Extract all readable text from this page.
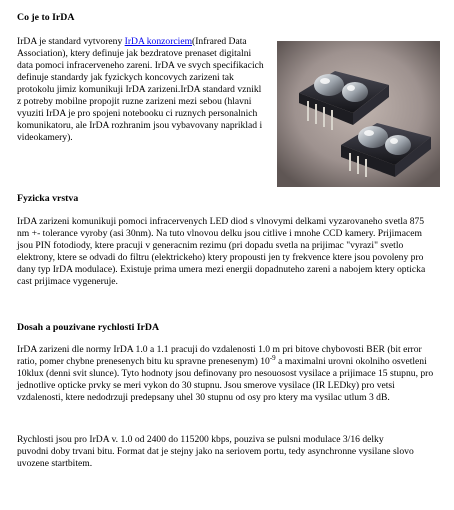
Co je to IrDA

IrDA je standard vytvoreny IrDA konzorciem(Infrared Data Association), ktery definuje jak bezdratove prenaset digitalni data pomoci infracerveneho zareni. IrDA ve svych specifikacich definuje standardy jak fyzickych koncovych zarizeni tak protokolu jimiz komunikuji IrDA zarizeni.IrDA standard vznikl z potreby mobilne propojit ruzne zarizeni mezi sebou (hlavni vyuziti IrDA je pro spojeni notebooku ci ruznych personalnich komunikatoru, ale IrDA rozhranim jsou vybavovany napriklad i videokamery).

Fyzicka vrstva

IrDA zarizeni komunikuji pomoci infracervenych LED diod s vlnovymi delkami vyzarovaneho svetla 875 nm +- tolerance vyroby (asi 30nm). Na tuto vlnovou delku jsou citlive i mnohe CCD kamery. Prijimacem jsou PIN fotodiody, ktere pracuji v generacnim rezimu (pri dopadu svetla na prijimac "vyrazi" svetlo elektrony, ktere se odvadi do filtru (elektrickeho) ktery propousti jen ty frekvence ktere jsou povoleny pro dany typ IrDA modulace). Existuje prima umera mezi energii dopadnuteho zareni a nabojem ktery opticka cast prijimace vygeneruje.

Dosah a pouzivane rychlosti IrDA

IrDA zarizeni dle normy IrDA 1.0 a 1.1 pracuji do vzdalenosti 1.0 m pri bitove chybovosti BER (bit error ratio, pomer chybne prenesenych bitu ku spravne prenesenym) $10^{-9}$ a maximalni urovni okolniho osvetleni 10klux (denni svit slunce). Tyto hodnoty jsou definovany pro nesouosost vysilace a prijimace 15 stupnu, pro jednotlive opticke prvky se meri vykon do 30 stupnu. Jsou smerove vysilace (IR LEDky) pro vetsi vzdalenosti, ktere nedodrzuji predepsany uhel 30 stupnu od osy pro ktery ma vysilac utlum 3 dB.

Rychlosti jsou pro IrDA v. 1.0 od 2400 do 115200 kbps, pouziva se pulsni modulace 3/16 delky puvodni doby trvani bitu. Format dat je stejny jako na seriovem portu, tedy asynchronne vysilane slovo uvozene startbitem.
